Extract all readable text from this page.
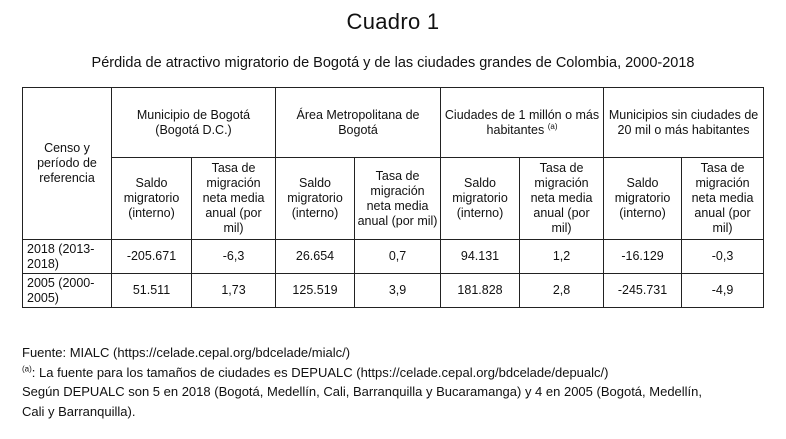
Cuadro 1
Pérdida de atractivo migratorio de Bogotá y de las ciudades grandes de Colombia, 2000-2018
Censo y período de referencia	Municipio de Bogotá (Bogotá D.C.)		Área Metropolitana de Bogotá		Ciudades de 1 millón o más habitantes $^{(a)}$		Municipios sin ciudades de 20 mil o más habitantes	
	Saldo migratorio (interno)	Tasa de migración neta media anual (por mil)	Saldo migratorio (interno)	Tasa de migración neta media anual (por mil)	Saldo migratorio (interno)	Tasa de migración neta media anual (por mil)	Saldo migratorio (interno)	Tasa de migración neta media anual (por mil)
2018 (2013-2018)	-205.671	-6,3	26.654	0,7	94.131	1,2	-16.129	-0,3
2005 (2000-2005)	51.511	1,73	125.519	3,9	181.828	2,8	-245.731	-4,9
Fuente: MIALC (https://celade.cepal.org/bdcelade/mialc/)
$^{(a)}$: La fuente para los tamaños de ciudades es DEPUALC (https://celade.cepal.org/bdcelade/depualc/)
Según DEPUALC son 5 en 2018 (Bogotá, Medellín, Cali, Barranquilla y Bucaramanga) y 4 en 2005 (Bogotá, Medellín,
Cali y Barranquilla).
